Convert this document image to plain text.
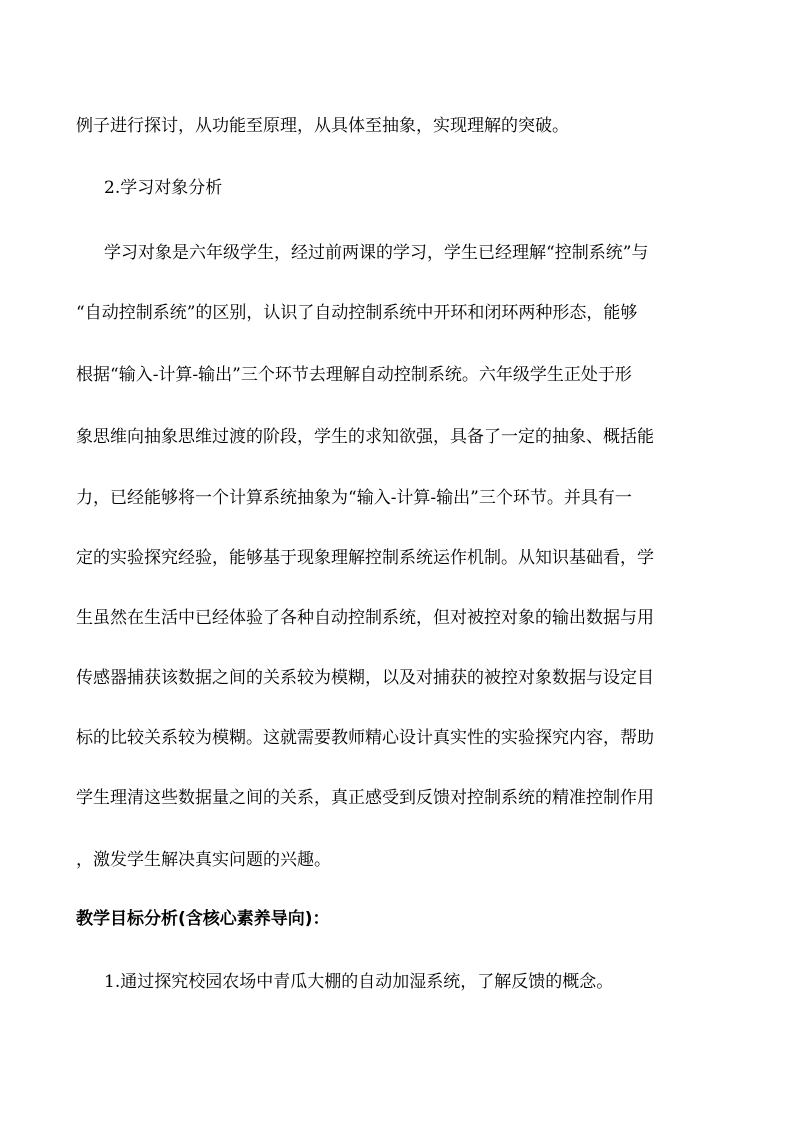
例子进行探讨，从功能至原理，从具体至抽象，实现理解的突破。
2.学习对象分析
学习对象是六年级学生，经过前两课的学习，学生已经理解“控制系统”与
“自动控制系统”的区别，认识了自动控制系统中开环和闭环两种形态，能够
根据“输入-计算-输出”三个环节去理解自动控制系统。六年级学生正处于形
象思维向抽象思维过渡的阶段，学生的求知欲强，具备了一定的抽象、概括能
力，已经能够将一个计算系统抽象为“输入-计算-输出”三个环节。并具有一
定的实验探究经验，能够基于现象理解控制系统运作机制。从知识基础看，学
生虽然在生活中已经体验了各种自动控制系统，但对被控对象的输出数据与用
传感器捕获该数据之间的关系较为模糊，以及对捕获的被控对象数据与设定目
标的比较关系较为模糊。这就需要教师精心设计真实性的实验探究内容，帮助
学生理清这些数据量之间的关系，真正感受到反馈对控制系统的精准控制作用
，激发学生解决真实问题的兴趣。
教学目标分析(含核心素养导向)：
1.通过探究校园农场中青瓜大棚的自动加湿系统，了解反馈的概念。
